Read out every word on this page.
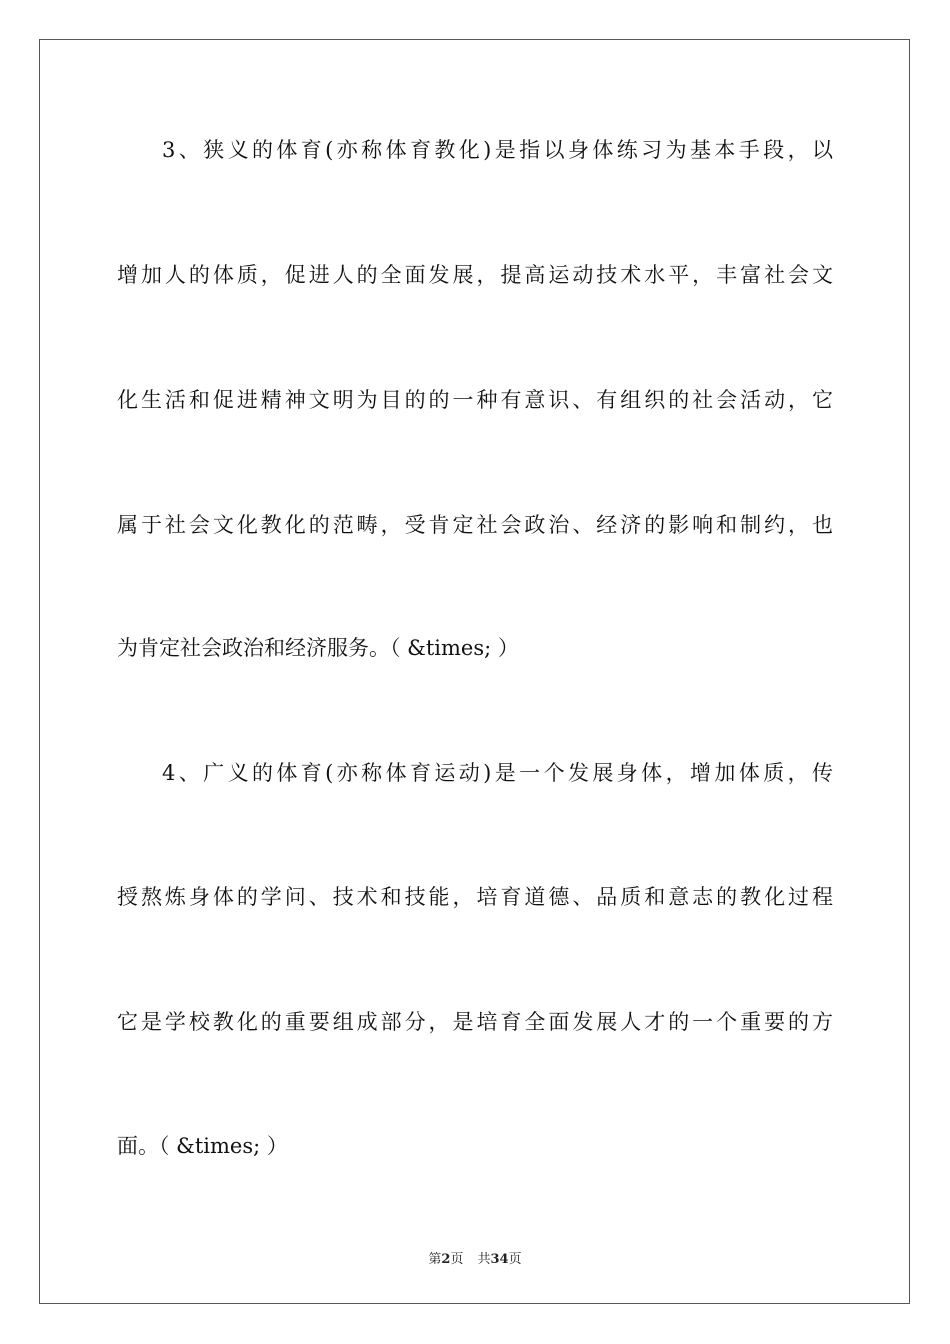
3、狭义的体育(亦称体育教化)是指以身体练习为基本手段，以
增加人的体质，促进人的全面发展，提高运动技术水平，丰富社会文
化生活和促进精神文明为目的的一种有意识、有组织的社会活动，它
属于社会文化教化的范畴，受肯定社会政治、经济的影响和制约，也
为肯定社会政治和经济服务。（ &times; ）
4、广义的体育(亦称体育运动)是一个发展身体，增加体质，传
授熬炼身体的学问、技术和技能，培育道德、品质和意志的教化过程
它是学校教化的重要组成部分，是培育全面发展人才的一个重要的方
面。（ &times; ）
第2页 共34页
